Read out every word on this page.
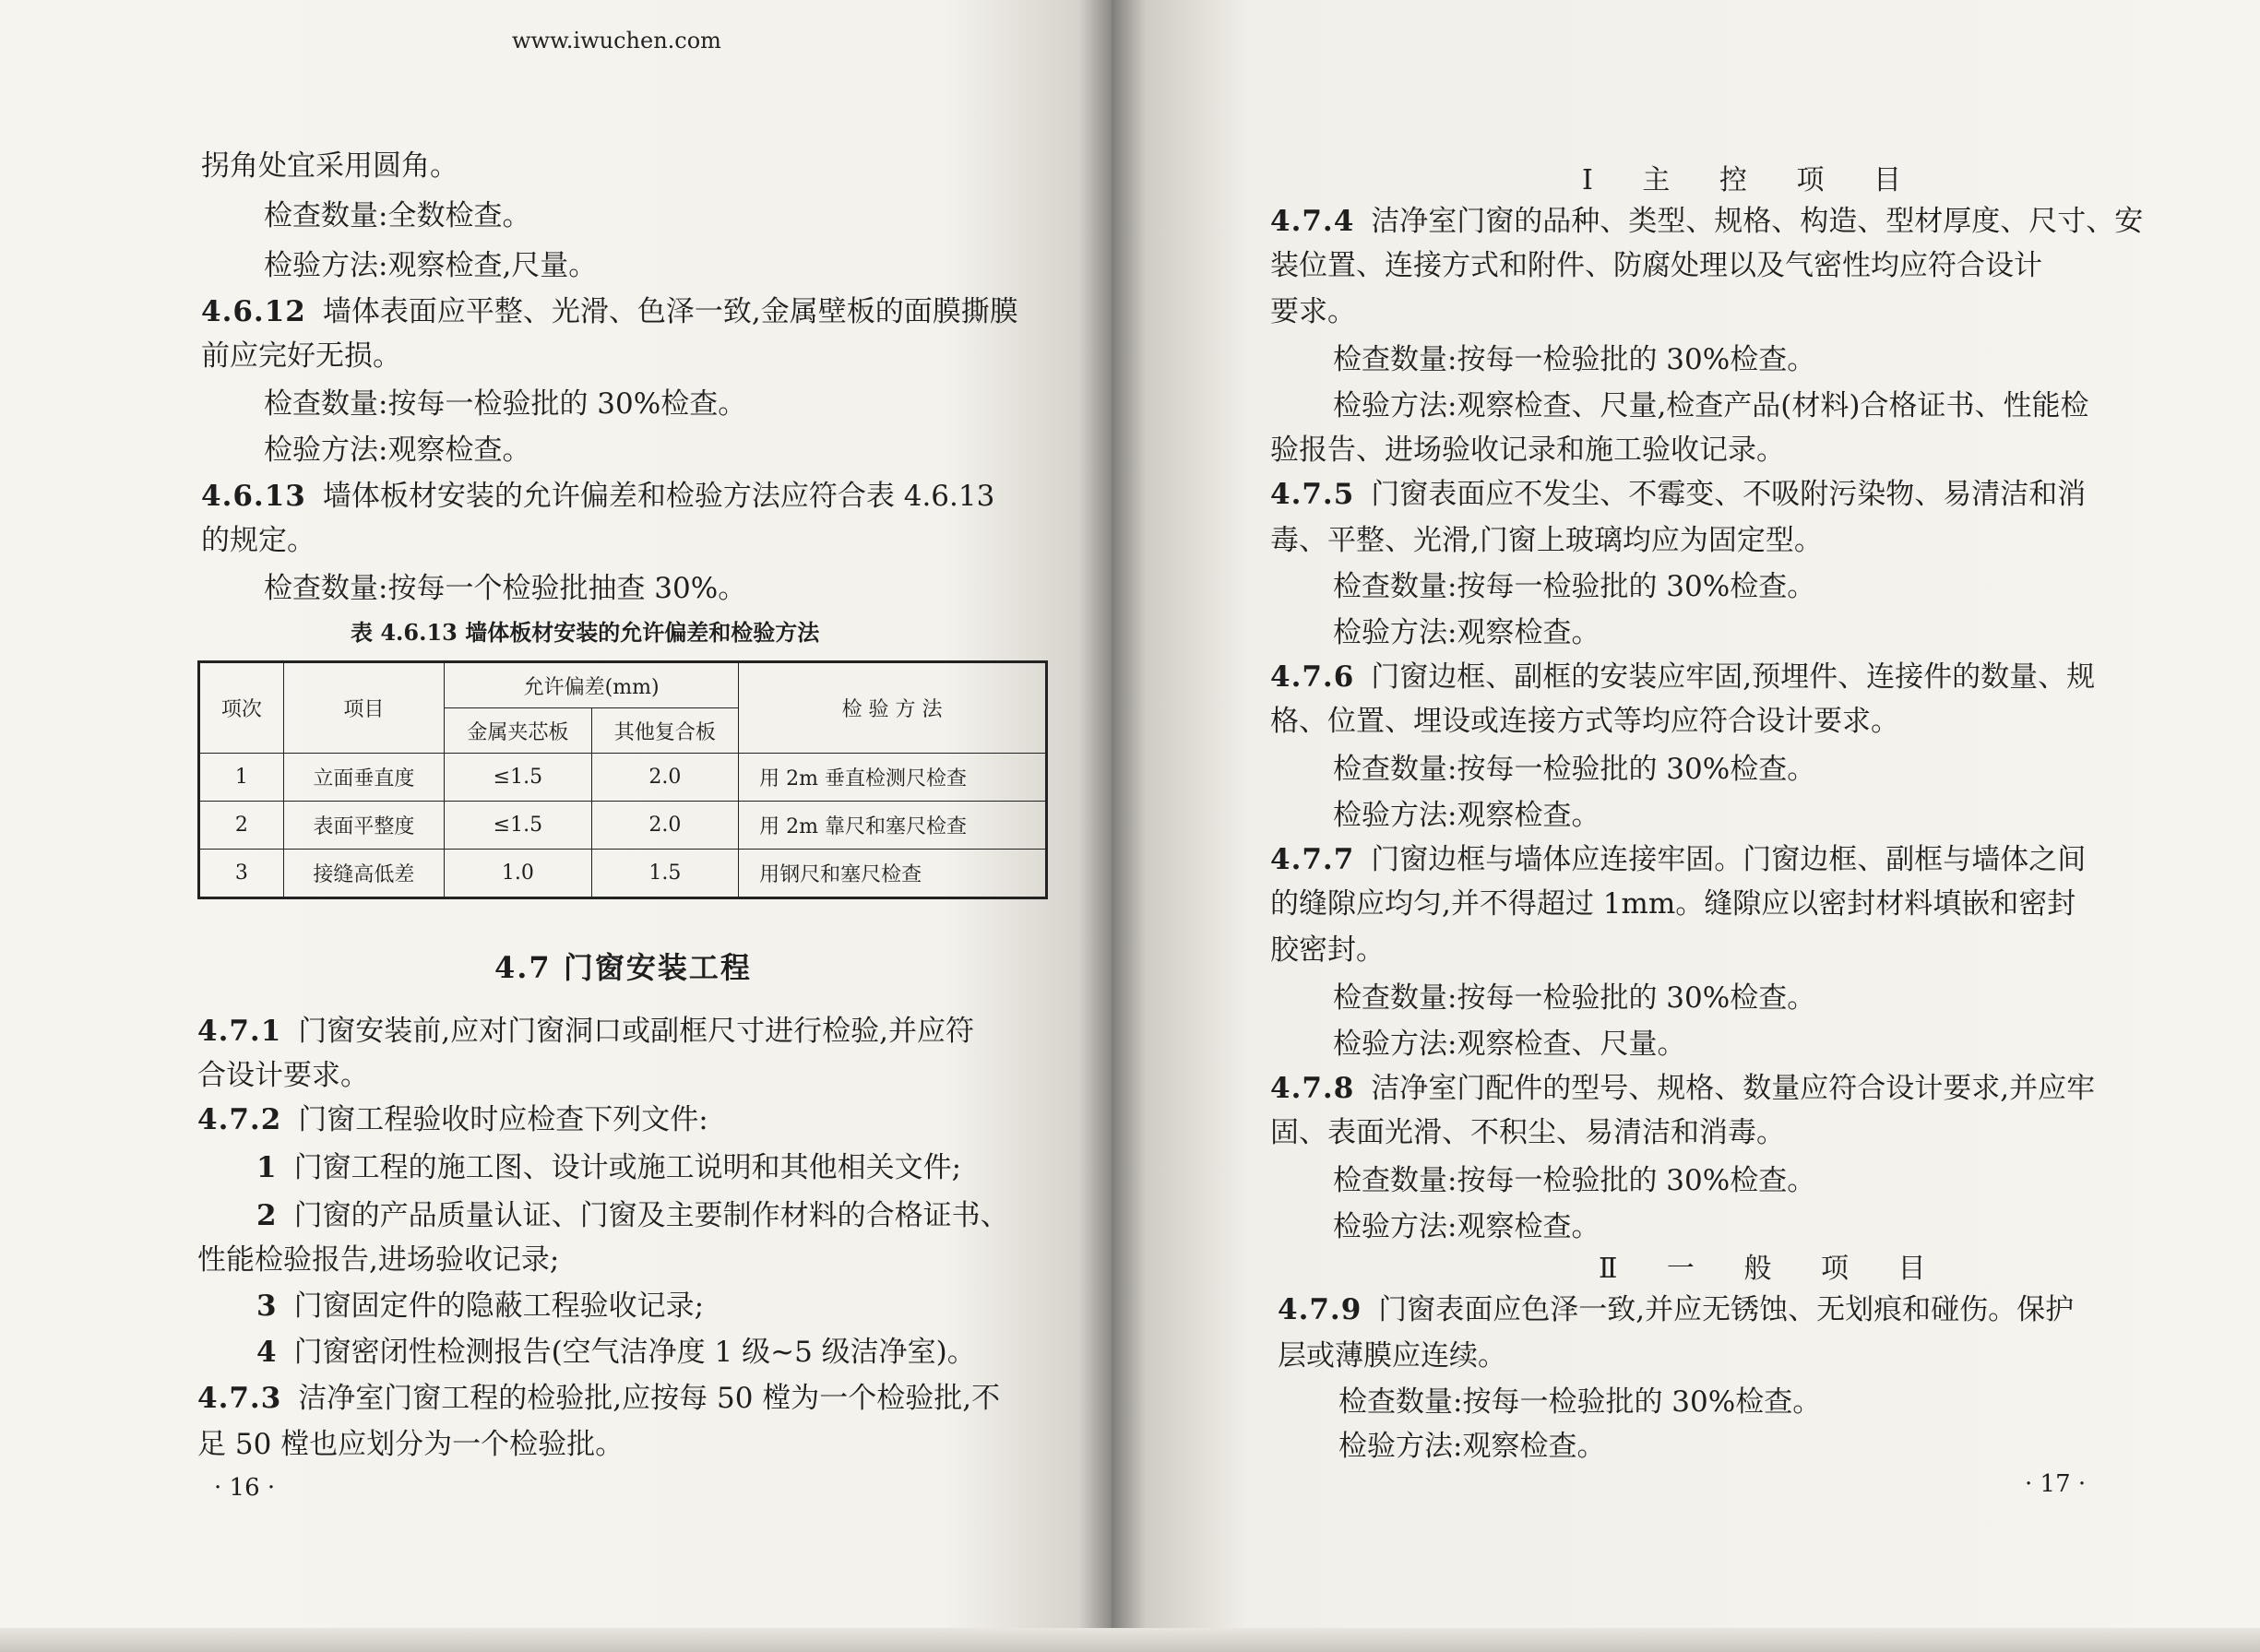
www.iwuchen.com
拐角处宜采用圆角。
检查数量:全数检查。
检验方法:观察检查,尺量。
4.6.12 墙体表面应平整、光滑、色泽一致,金属壁板的面膜撕膜
前应完好无损。
检查数量:按每一检验批的 30%检查。
检验方法:观察检查。
4.6.13 墙体板材安装的允许偏差和检验方法应符合表 4.6.13
的规定。
检查数量:按每一个检验批抽查 30%。
表 4.6.13 墙体板材安装的允许偏差和检验方法
项次	项目	允许偏差(mm)		检 验 方 法
		金属夹芯板	其他复合板	
1	立面垂直度	≤1.5	2.0	用 2m 垂直检测尺检查
2	表面平整度	≤1.5	2.0	用 2m 靠尺和塞尺检查
3	接缝高低差	1.0	1.5	用钢尺和塞尺检查
4.7 门窗安装工程
4.7.1 门窗安装前,应对门窗洞口或副框尺寸进行检验,并应符
合设计要求。
4.7.2 门窗工程验收时应检查下列文件:
1 门窗工程的施工图、设计或施工说明和其他相关文件;
2 门窗的产品质量认证、门窗及主要制作材料的合格证书、
性能检验报告,进场验收记录;
3 门窗固定件的隐蔽工程验收记录;
4 门窗密闭性检测报告(空气洁净度 1 级~5 级洁净室)。
4.7.3 洁净室门窗工程的检验批,应按每 50 樘为一个检验批,不
足 50 樘也应划分为一个检验批。
· 16 ·
Ⅰ 主 控 项 目
4.7.4 洁净室门窗的品种、类型、规格、构造、型材厚度、尺寸、安
装位置、连接方式和附件、防腐处理以及气密性均应符合设计
要求。
检查数量:按每一检验批的 30%检查。
检验方法:观察检查、尺量,检查产品(材料)合格证书、性能检
验报告、进场验收记录和施工验收记录。
4.7.5 门窗表面应不发尘、不霉变、不吸附污染物、易清洁和消
毒、平整、光滑,门窗上玻璃均应为固定型。
检查数量:按每一检验批的 30%检查。
检验方法:观察检查。
4.7.6 门窗边框、副框的安装应牢固,预埋件、连接件的数量、规
格、位置、埋设或连接方式等均应符合设计要求。
检查数量:按每一检验批的 30%检查。
检验方法:观察检查。
4.7.7 门窗边框与墙体应连接牢固。门窗边框、副框与墙体之间
的缝隙应均匀,并不得超过 1mm。缝隙应以密封材料填嵌和密封
胶密封。
检查数量:按每一检验批的 30%检查。
检验方法:观察检查、尺量。
4.7.8 洁净室门配件的型号、规格、数量应符合设计要求,并应牢
固、表面光滑、不积尘、易清洁和消毒。
检查数量:按每一检验批的 30%检查。
检验方法:观察检查。
Ⅱ 一 般 项 目
4.7.9 门窗表面应色泽一致,并应无锈蚀、无划痕和碰伤。保护
层或薄膜应连续。
检查数量:按每一检验批的 30%检查。
检验方法:观察检查。
· 17 ·
